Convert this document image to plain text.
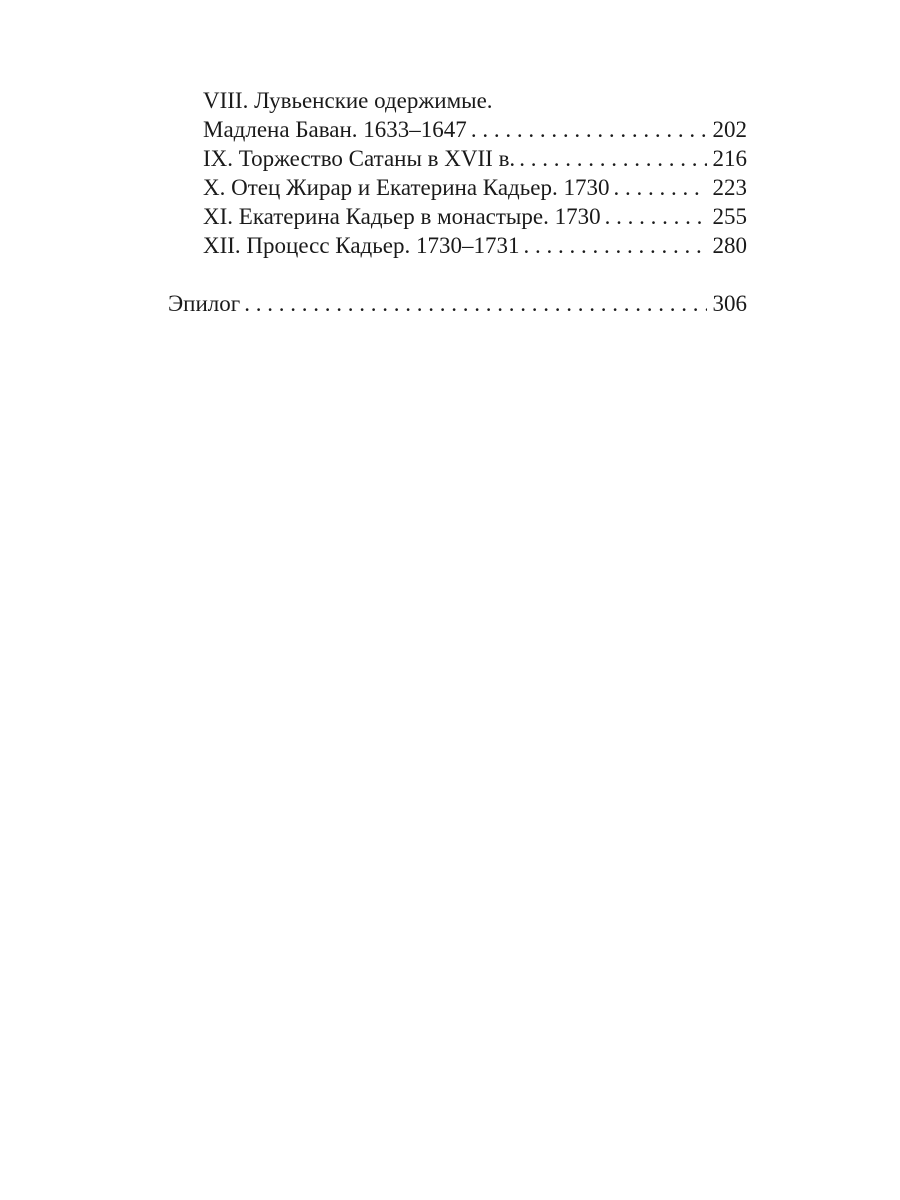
VIII. Лувьенские одержимые.
Мадлена Баван. 1633–1647 . . .	202
IX. Торжество Сатаны в XVII в. . . .	216
X. Отец Жирар и Екатерина Кадьер. 1730 . . .	223
XI. Екатерина Кадьер в монастыре. 1730 . . .	255
XII. Процесс Кадьер. 1730–1731 . . .	280
Эпилог . . .	306
